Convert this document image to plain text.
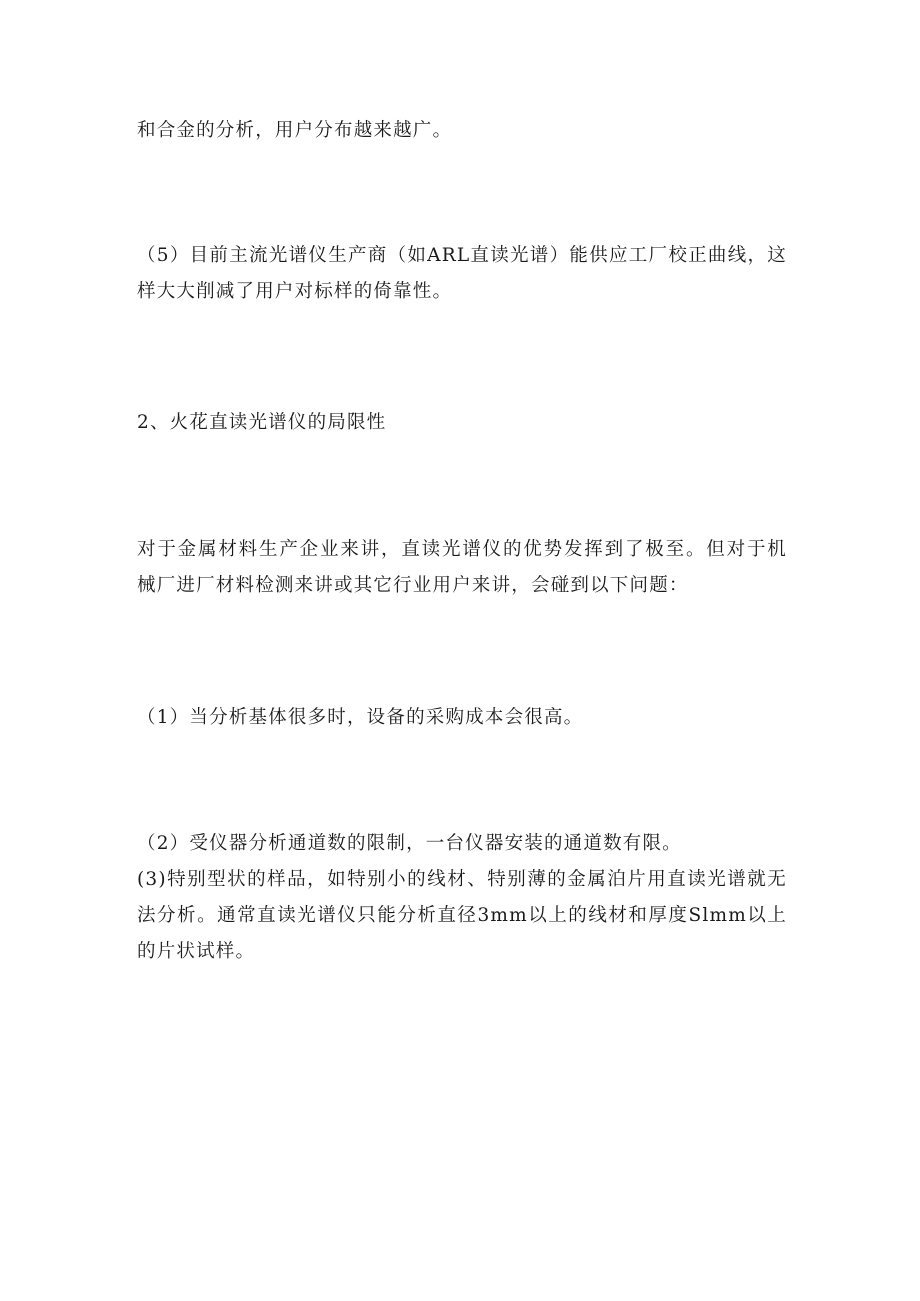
和合金的分析，用户分布越来越广。

（5）目前主流光谱仪生产商（如ARL直读光谱）能供应工厂校正曲线，这样大大削减了用户对标样的倚靠性。

2、火花直读光谱仪的局限性

对于金属材料生产企业来讲，直读光谱仪的优势发挥到了极至。但对于机械厂进厂材料检测来讲或其它行业用户来讲，会碰到以下问题：

（1）当分析基体很多时，设备的采购成本会很高。

（2）受仪器分析通道数的限制，一台仪器安装的通道数有限。

(3)特别型状的样品，如特别小的线材、特别薄的金属泊片用直读光谱就无法分析。通常直读光谱仪只能分析直径3mm以上的线材和厚度Slmm以上的片状试样。
